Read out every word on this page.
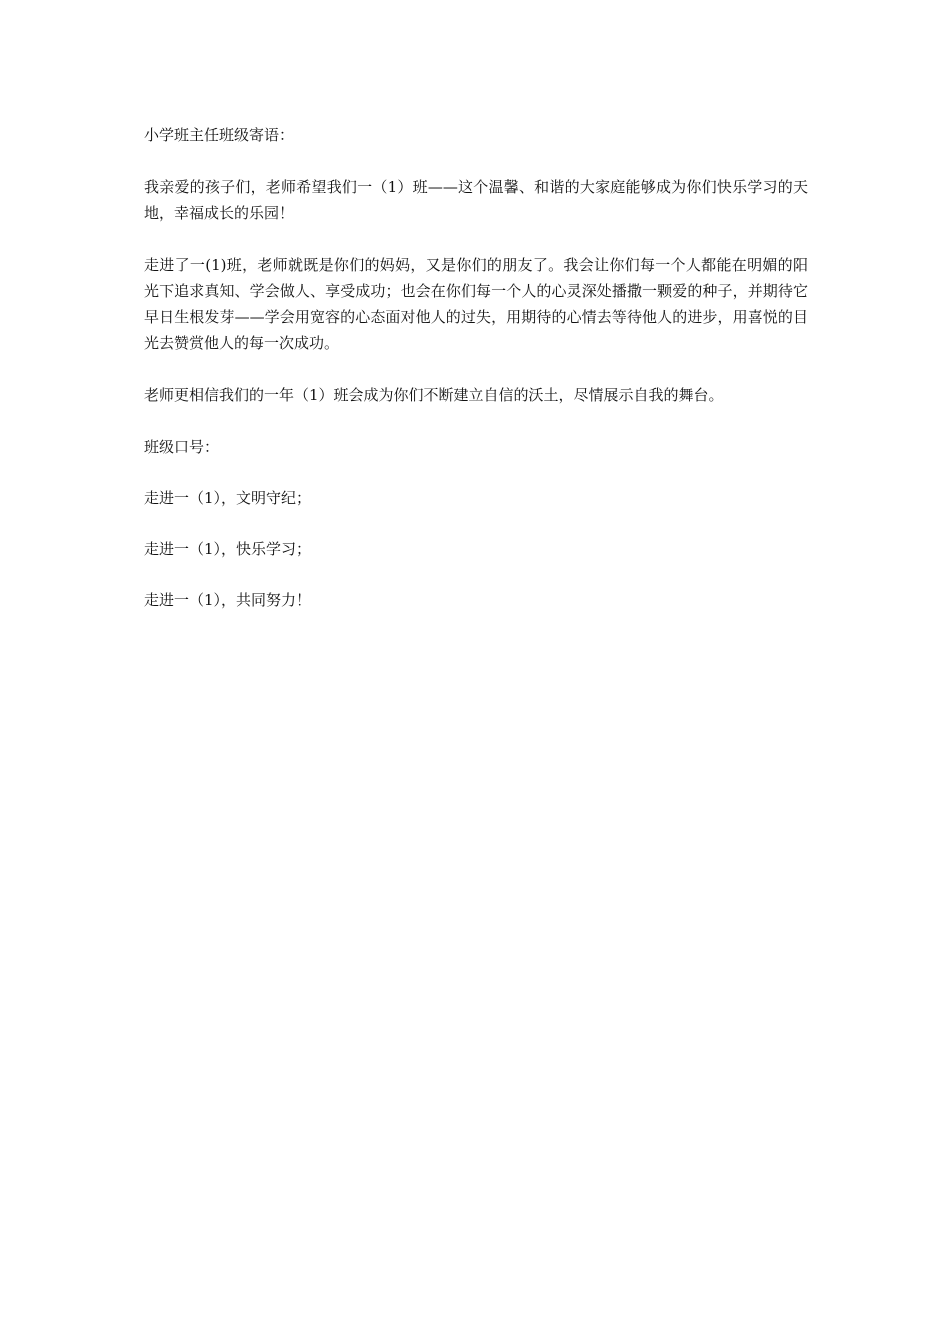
小学班主任班级寄语：

我亲爱的孩子们，老师希望我们一（1）班——这个温馨、和谐的大家庭能够成为你们快乐学习的天地，幸福成长的乐园！

走进了一(1)班，老师就既是你们的妈妈，又是你们的朋友了。我会让你们每一个人都能在明媚的阳光下追求真知、学会做人、享受成功；也会在你们每一个人的心灵深处播撒一颗爱的种子，并期待它早日生根发芽——学会用宽容的心态面对他人的过失，用期待的心情去等待他人的进步，用喜悦的目光去赞赏他人的每一次成功。

老师更相信我们的一年（1）班会成为你们不断建立自信的沃土，尽情展示自我的舞台。

班级口号：

走进一（1），文明守纪；

走进一（1），快乐学习；

走进一（1），共同努力！
